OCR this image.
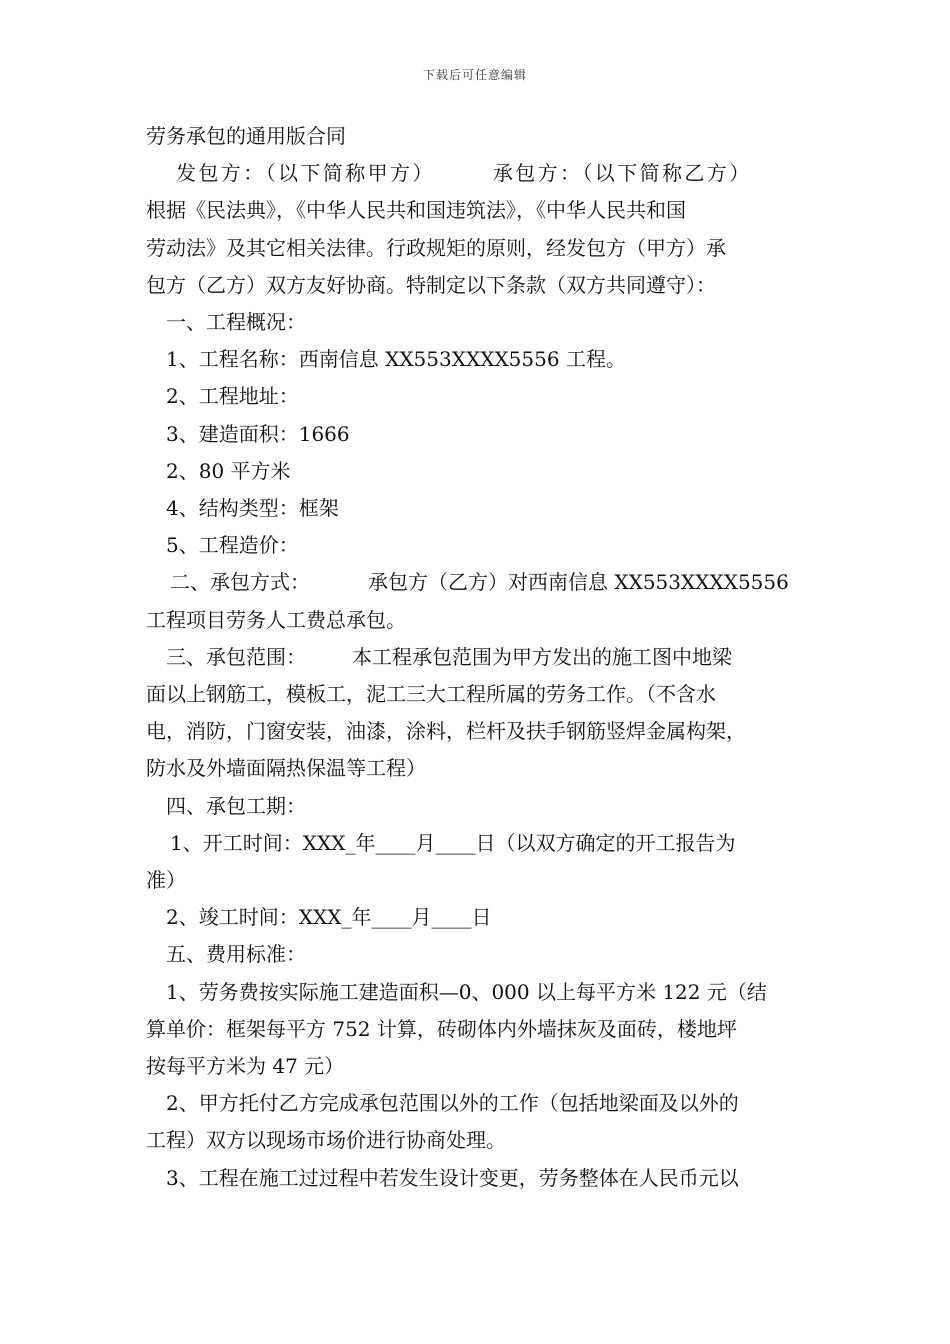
下载后可任意编辑
劳务承包的通用版合同
发包方：（以下简称甲方）	承包方：（以下简称乙方）
根据《民法典》，《中华人民共和国违筑法》，《中华人民共和国
劳动法》及其它相关法律。行政规矩的原则，经发包方（甲方）承
包方（乙方）双方友好协商。特制定以下条款（双方共同遵守）：
一、工程概况：
1、工程名称：西南信息 XX553XXXX5556 工程。
2、工程地址：
3、建造面积：1666
2、80 平方米
4、结构类型：框架
5、工程造价：
二、承包方式：	承包方（乙方）对西南信息 XX553XXXX5556
工程项目劳务人工费总承包。
三、承包范围： 本工程承包范围为甲方发出的施工图中地梁
面以上钢筋工，模板工，泥工三大工程所属的劳务工作。（不含水
电，消防，门窗安装，油漆，涂料，栏杆及扶手钢筋竖焊金属构架，
防水及外墙面隔热保温等工程）
四、承包工期：
1、开工时间：XXX_年____月____日（以双方确定的开工报告为
准）
2、竣工时间：XXX_年____月____日
五、费用标准：
1、劳务费按实际施工建造面积—0、000 以上每平方米 122 元（结
算单价：框架每平方 752 计算，砖砌体内外墙抹灰及面砖，楼地坪
按每平方米为 47 元）
2、甲方托付乙方完成承包范围以外的工作（包括地梁面及以外的
工程）双方以现场市场价进行协商处理。
3、工程在施工过过程中若发生设计变更，劳务整体在人民币元以
